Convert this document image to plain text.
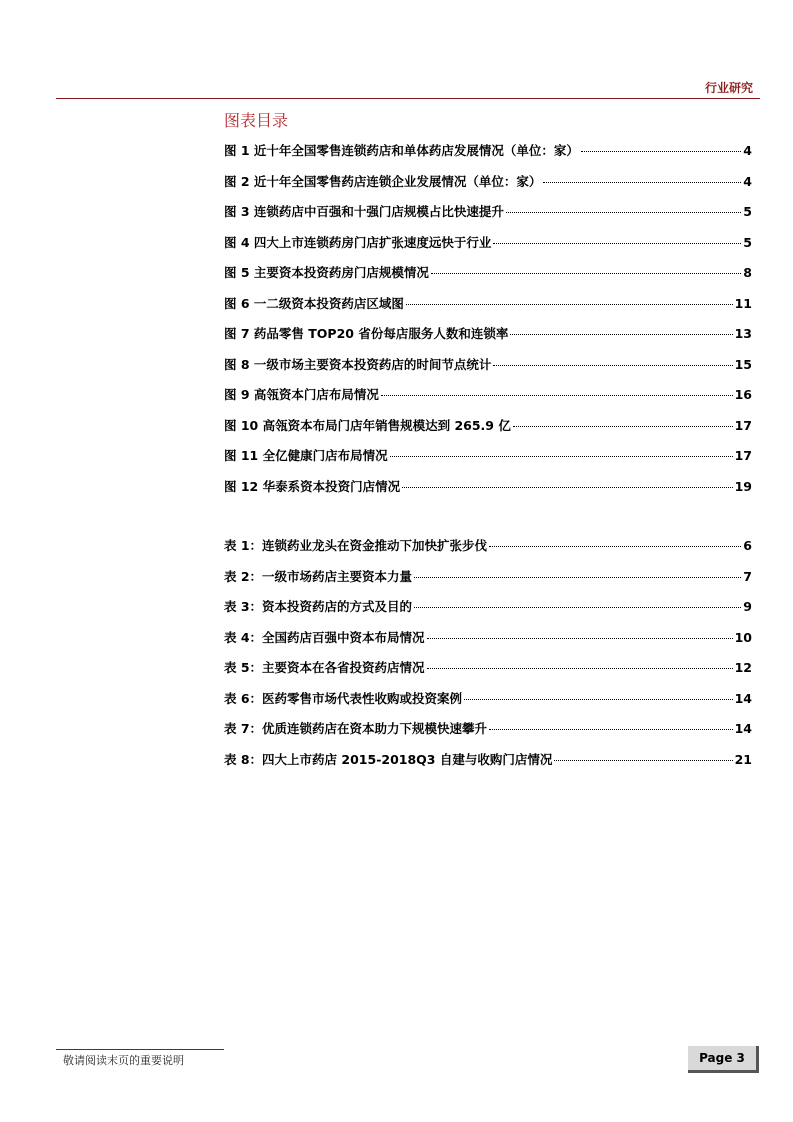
行业研究
图表目录
图 1 近十年全国零售连锁药店和单体药店发展情况（单位：家）	4
图 2 近十年全国零售药店连锁企业发展情况（单位：家）	4
图 3 连锁药店中百强和十强门店规模占比快速提升	5
图 4 四大上市连锁药房门店扩张速度远快于行业	5
图 5 主要资本投资药房门店规模情况	8
图 6 一二级资本投资药店区域图	11
图 7 药品零售 TOP20 省份每店服务人数和连锁率	13
图 8 一级市场主要资本投资药店的时间节点统计	15
图 9 高瓴资本门店布局情况	16
图 10 高瓴资本布局门店年销售规模达到 265.9 亿	17
图 11 全亿健康门店布局情况	17
图 12 华泰系资本投资门店情况	19
表 1：连锁药业龙头在资金推动下加快扩张步伐	6
表 2：一级市场药店主要资本力量	7
表 3：资本投资药店的方式及目的	9
表 4：全国药店百强中资本布局情况	10
表 5：主要资本在各省投资药店情况	12
表 6：医药零售市场代表性收购或投资案例	14
表 7：优质连锁药店在资本助力下规模快速攀升	14
表 8：四大上市药店 2015-2018Q3 自建与收购门店情况	21
敬请阅读末页的重要说明	Page 3
